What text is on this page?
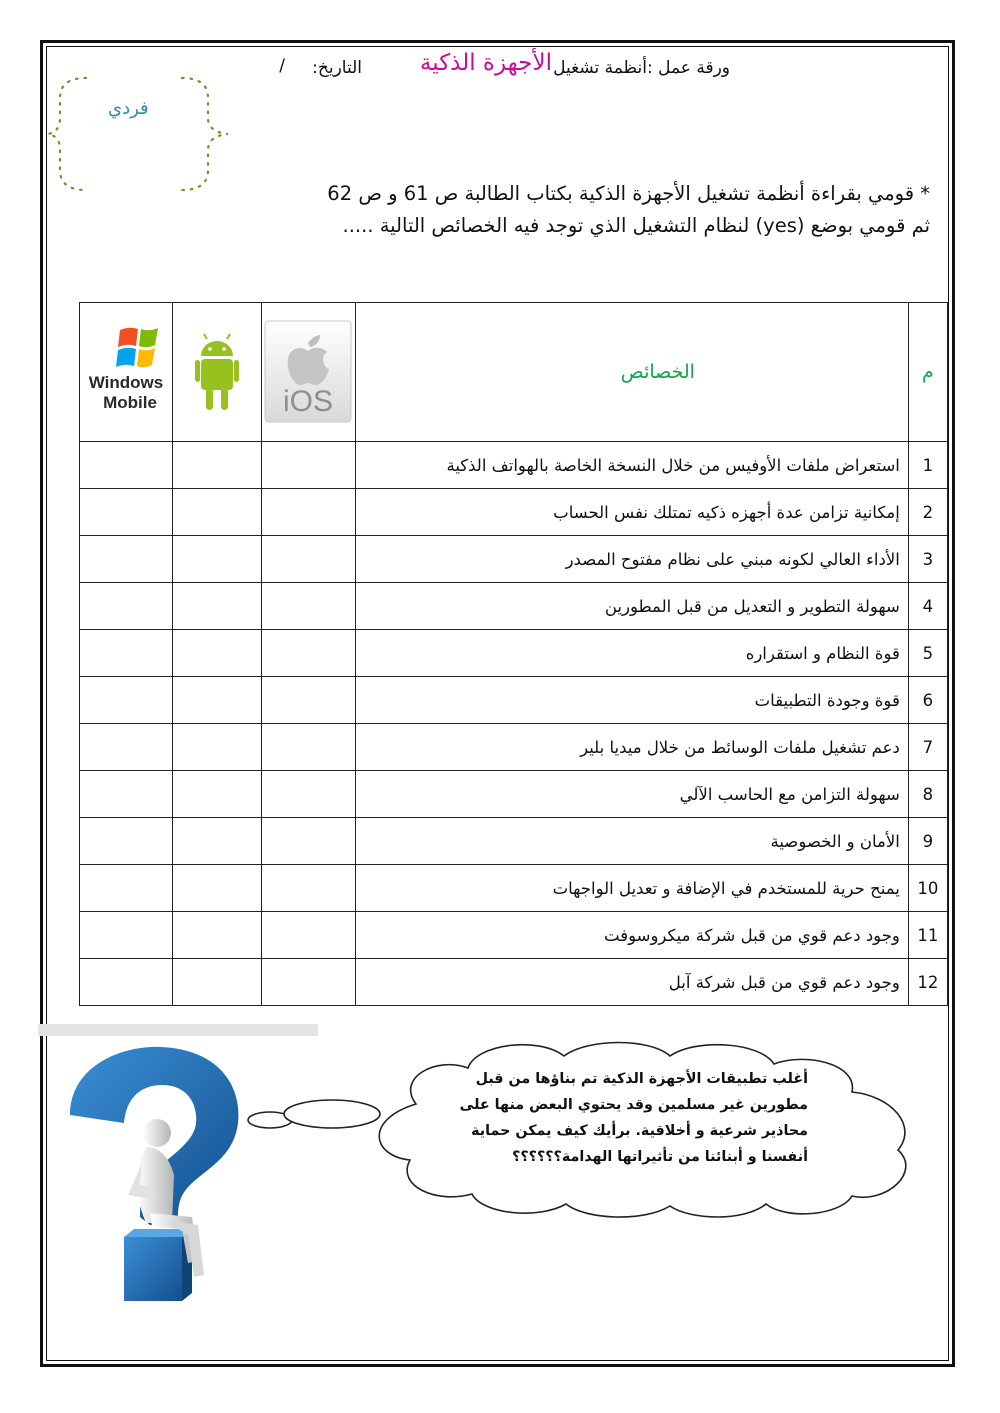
ورقة عمل :أنظمة تشغيل
الأجهزة الذكية
التاريخ:
/
فردي
* قومي بقراءة أنظمة تشغيل الأجهزة الذكية بكتاب الطالبة ص 61 و ص 62
ثم قومي بوضع (yes) لنظام التشغيل الذي توجد فيه الخصائص التالية .....
م	الخصائص	iOS		Windows
Mobile

1	استعراض ملفات الأوفيس من خلال النسخة الخاصة بالهواتف الذكية			
2	إمكانية تزامن عدة أجهزه ذكيه تمتلك نفس الحساب			
3	الأداء العالي لكونه مبني على نظام مفتوح المصدر			
4	سهولة التطوير و التعديل من قبل المطورين			
5	قوة النظام و استقراره			
6	قوة وجودة التطبيقات			
7	دعم تشغيل ملفات الوسائط من خلال ميديا بلير			
8	سهولة التزامن مع الحاسب الآلي			
9	الأمان و الخصوصية			
10	يمنح حرية للمستخدم في الإضافة و تعديل الواجهات			
11	وجود دعم قوي من قبل شركة ميكروسوفت			
12	وجود دعم قوي من قبل شركة آبل			
أغلب تطبيقات الأجهزة الذكية تم بناؤها من قبل
مطورين غير مسلمين وقد يحتوي البعض منها على
محاذير شرعية و أخلاقية. برأيك كيف يمكن حماية
أنفسنا و أبنائنا من تأثيراتها الهدامة؟؟؟؟؟؟
